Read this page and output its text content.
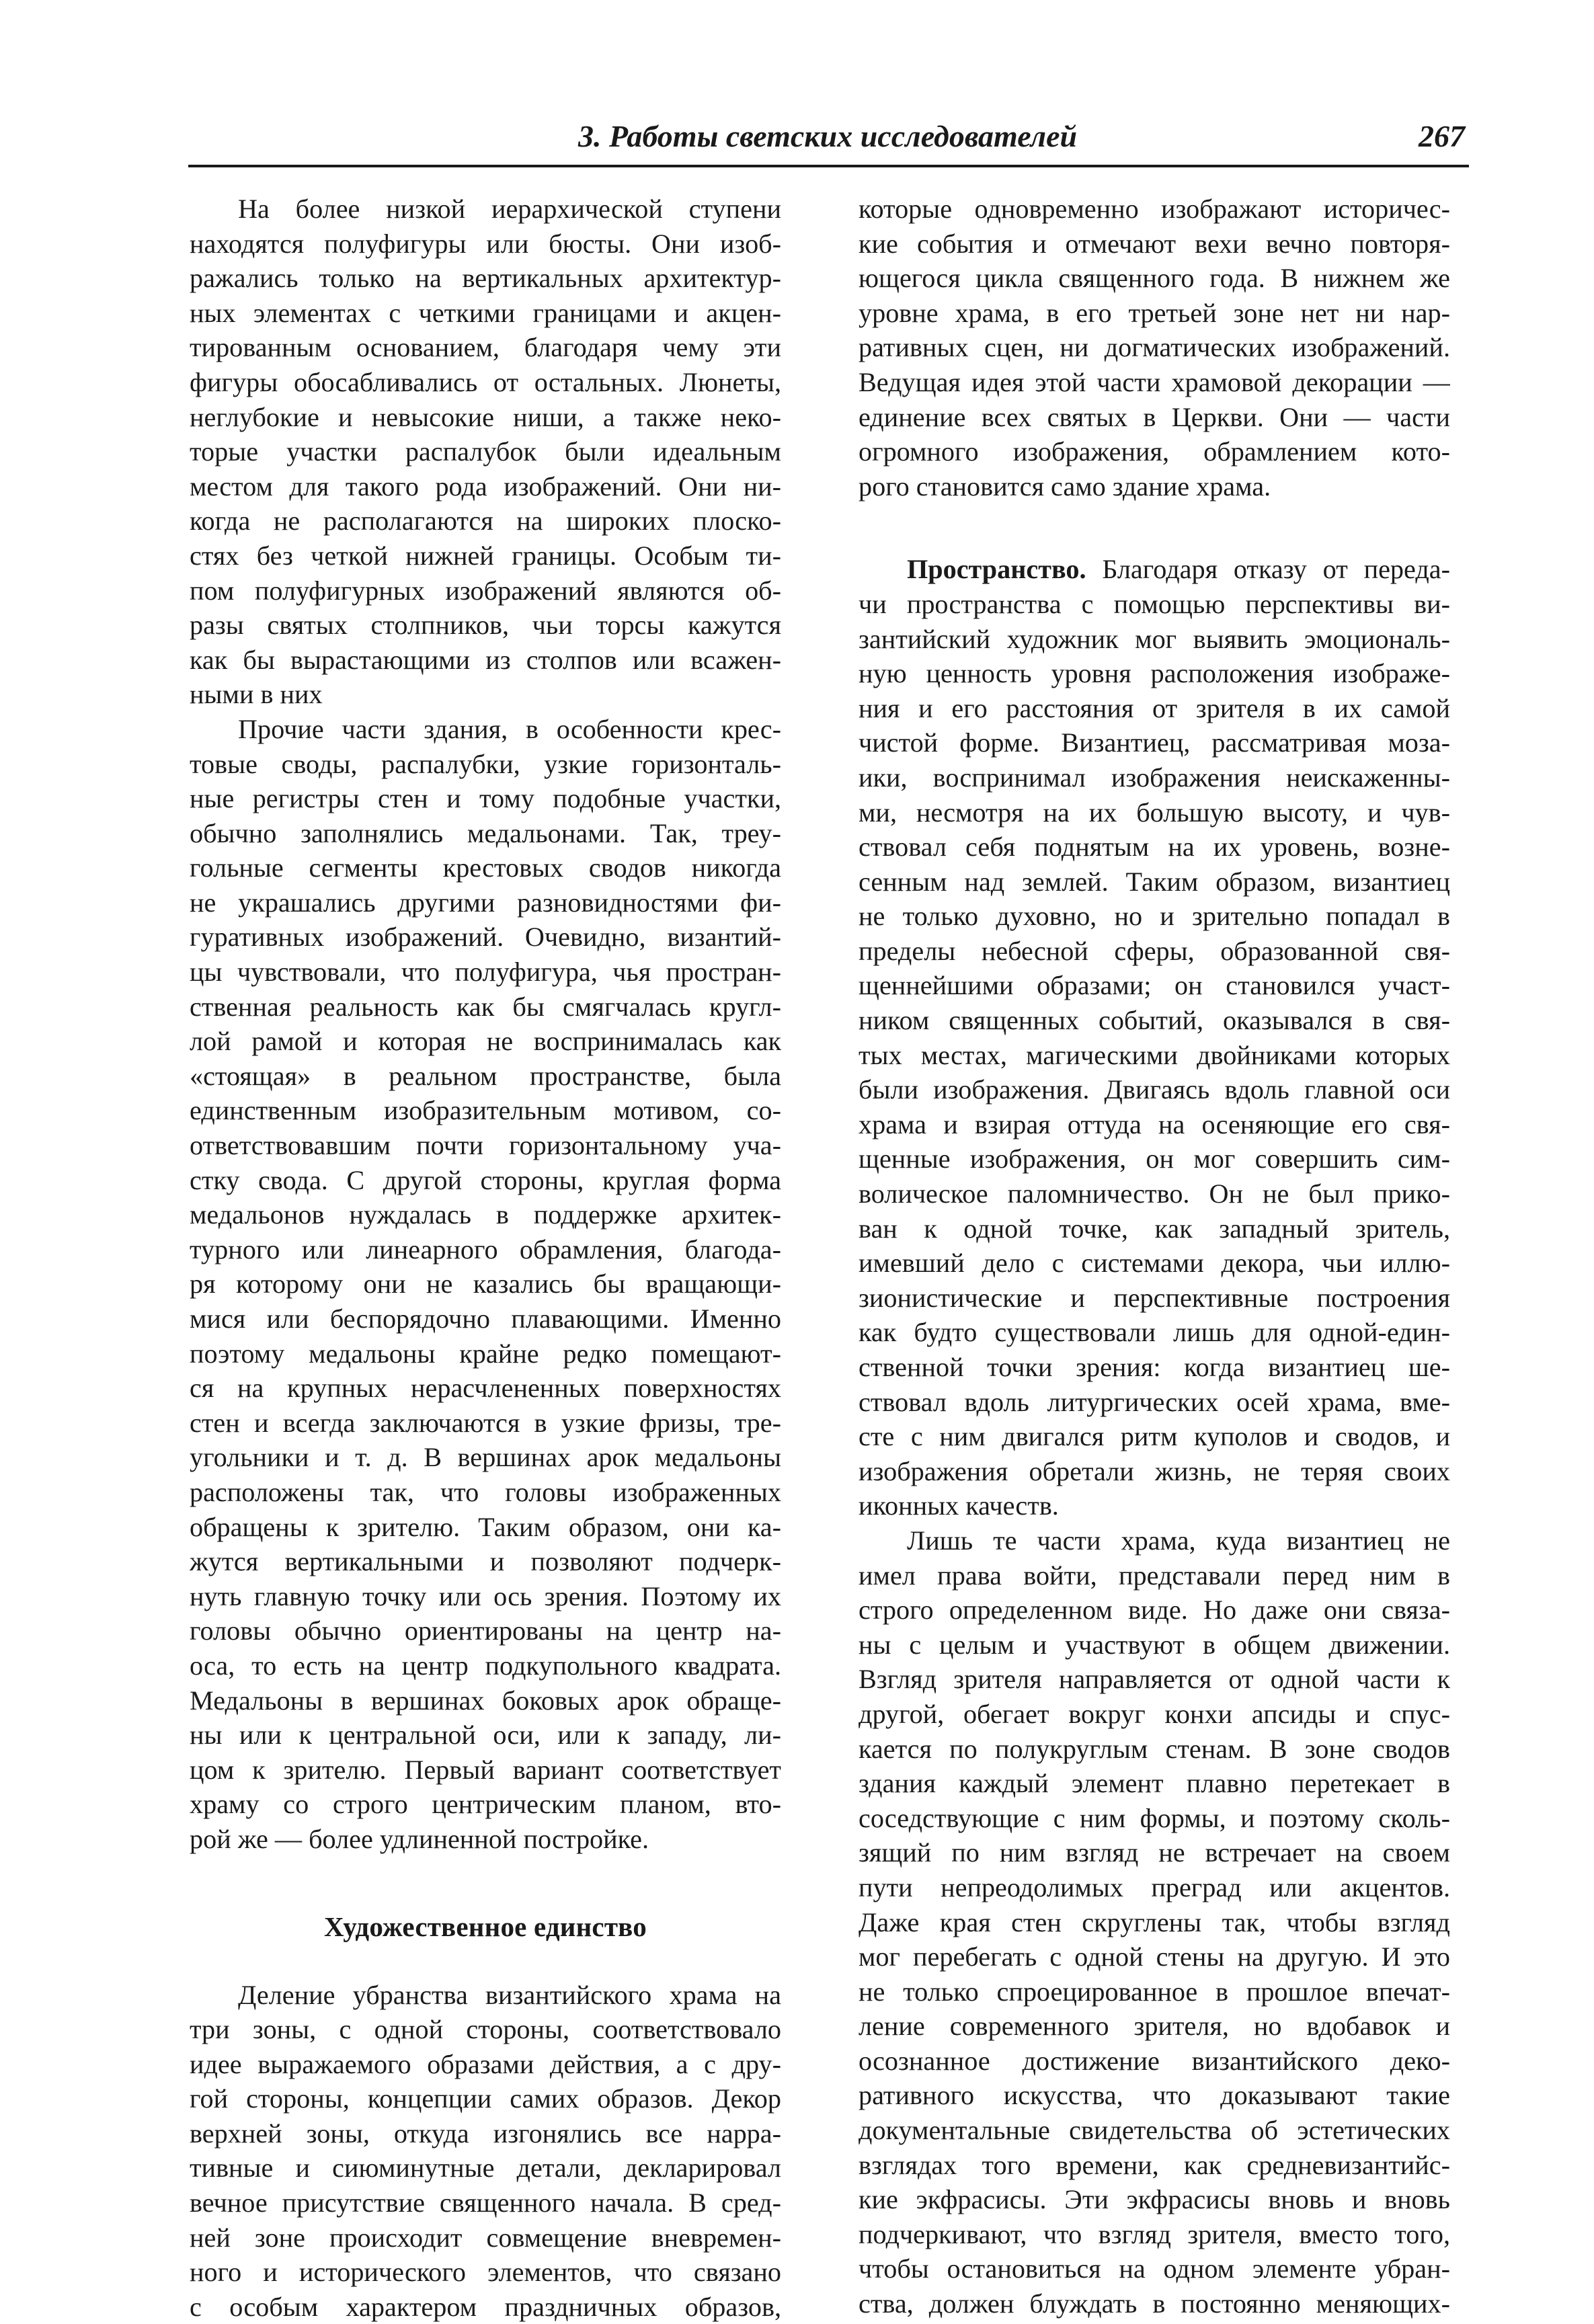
3. Работы светских исследователей	267
На более низкой иерархической ступени
находятся полуфигуры или бюсты. Они изоб-
ражались только на вертикальных архитектур-
ных элементах с четкими границами и акцен-
тированным основанием, благодаря чему эти
фигуры обосабливались от остальных. Люнеты,
неглубокие и невысокие ниши, а также неко-
торые участки распалубок были идеальным
местом для такого рода изображений. Они ни-
когда не располагаются на широких плоско-
стях без четкой нижней границы. Особым ти-
пом полуфигурных изображений являются об-
разы святых столпников, чьи торсы кажутся
как бы вырастающими из столпов или всажен-
ными в них
Прочие части здания, в особенности крес-
товые своды, распалубки, узкие горизонталь-
ные регистры стен и тому подобные участки,
обычно заполнялись медальонами. Так, треу-
гольные сегменты крестовых сводов никогда
не украшались другими разновидностями фи-
гуративных изображений. Очевидно, византий-
цы чувствовали, что полуфигура, чья простран-
ственная реальность как бы смягчалась кругл-
лой рамой и которая не воспринималась как
«стоящая» в реальном пространстве, была
единственным изобразительным мотивом, со-
ответствовавшим почти горизонтальному уча-
стку свода. С другой стороны, круглая форма
медальонов нуждалась в поддержке архитек-
турного или линеарного обрамления, благода-
ря которому они не казались бы вращающи-
мися или беспорядочно плавающими. Именно
поэтому медальоны крайне редко помещают-
ся на крупных нерасчлененных поверхностях
стен и всегда заключаются в узкие фризы, тре-
угольники и т. д. В вершинах арок медальоны
расположены так, что головы изображенных
обращены к зрителю. Таким образом, они ка-
жутся вертикальными и позволяют подчерк-
нуть главную точку или ось зрения. Поэтому их
головы обычно ориентированы на центр на-
оса, то есть на центр подкупольного квадрата.
Медальоны в вершинах боковых арок обраще-
ны или к центральной оси, или к западу, ли-
цом к зрителю. Первый вариант соответствует
храму со строго центрическим планом, вто-
рой же — более удлиненной постройке.
Художественное единство
Деление убранства византийского храма на
три зоны, с одной стороны, соответствовало
идее выражаемого образами действия, а с дру-
гой стороны, концепции самих образов. Декор
верхней зоны, откуда изгонялись все нарра-
тивные и сиюминутные детали, декларировал
вечное присутствие священного начала. В сред-
ней зоне происходит совмещение вневремен-
ного и исторического элементов, что связано
с особым характером праздничных образов,
которые одновременно изображают историчес-
кие события и отмечают вехи вечно повторя-
ющегося цикла священного года. В нижнем же
уровне храма, в его третьей зоне нет ни нар-
ративных сцен, ни догматических изображений.
Ведущая идея этой части храмовой декорации —
единение всех святых в Церкви. Они — части
огромного изображения, обрамлением кото-
рого становится само здание храма.
Пространство. Благодаря отказу от переда-
чи пространства с помощью перспективы ви-
зантийский художник мог выявить эмоциональ-
ную ценность уровня расположения изображе-
ния и его расстояния от зрителя в их самой
чистой форме. Византиец, рассматривая моза-
ики, воспринимал изображения неискаженны-
ми, несмотря на их большую высоту, и чув-
ствовал себя поднятым на их уровень, возне-
сенным над землей. Таким образом, византиец
не только духовно, но и зрительно попадал в
пределы небесной сферы, образованной свя-
щеннейшими образами; он становился участ-
ником священных событий, оказывался в свя-
тых местах, магическими двойниками которых
были изображения. Двигаясь вдоль главной оси
храма и взирая оттуда на осеняющие его свя-
щенные изображения, он мог совершить сим-
волическое паломничество. Он не был прико-
ван к одной точке, как западный зритель,
имевший дело с системами декора, чьи иллю-
зионистические и перспективные построения
как будто существовали лишь для одной-един-
ственной точки зрения: когда византиец ше-
ствовал вдоль литургических осей храма, вме-
сте с ним двигался ритм куполов и сводов, и
изображения обретали жизнь, не теряя своих
иконных качеств.
Лишь те части храма, куда византиец не
имел права войти, представали перед ним в
строго определенном виде. Но даже они связа-
ны с целым и участвуют в общем движении.
Взгляд зрителя направляется от одной части к
другой, обегает вокруг конхи апсиды и спус-
кается по полукруглым стенам. В зоне сводов
здания каждый элемент плавно перетекает в
соседствующие с ним формы, и поэтому сколь-
зящий по ним взгляд не встречает на своем
пути непреодолимых преград или акцентов.
Даже края стен скруглены так, чтобы взгляд
мог перебегать с одной стены на другую. И это
не только спроецированное в прошлое впечат-
ление современного зрителя, но вдобавок и
осознанное достижение византийского деко-
ративного искусства, что доказывают такие
документальные свидетельства об эстетических
взглядах того времени, как средневизантийс-
кие экфрасисы. Эти экфрасисы вновь и вновь
подчеркивают, что взгляд зрителя, вместо того,
чтобы остановиться на одном элементе убран-
ства, должен блуждать в постоянно меняющих-
